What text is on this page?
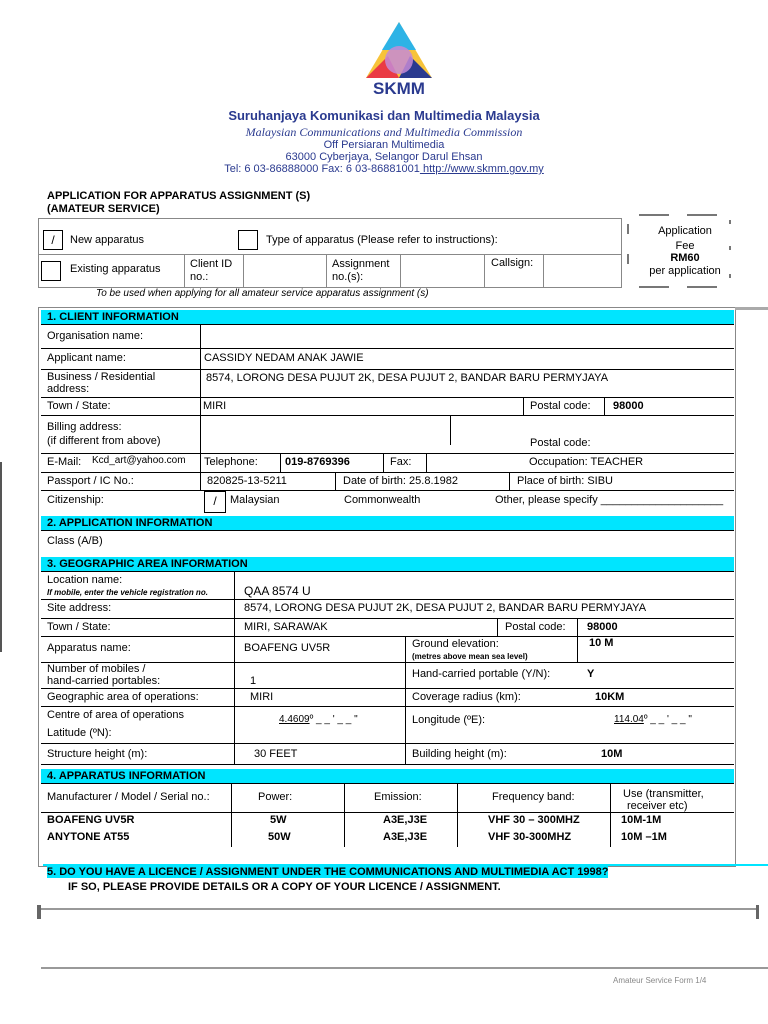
SKMM
Suruhanjaya Komunikasi dan Multimedia Malaysia
Malaysian Communications and Multimedia Commission
Off Persiaran Multimedia
63000 Cyberjaya, Selangor Darul Ehsan
Tel: 6 03-86888000 Fax: 6 03-86881001 http://www.skmm.gov.my
APPLICATION FOR APPARATUS ASSIGNMENT (S)
(AMATEUR SERVICE)
/	New apparatus	Type of apparatus (Please refer to instructions):
Existing apparatus	Client ID no.:
Assignment no.(s):
Callsign:
To be used when applying for all amateur service apparatus assignment (s)
Application
Fee
RM60
per application
1. CLIENT INFORMATION
Organisation name:
Applicant name:	CASSIDY NEDAM ANAK JAWIE
Business / Residential address:
8574, LORONG DESA PUJUT 2K, DESA PUJUT 2, BANDAR BARU PERMYJAYA
Town / State:	MIRI	Postal code: 98000
Billing address:
(if different from above)	Postal code:
E-Mail: Kcd_art@yahoo.com Telephone: 019-8769396	Fax:	Occupation: TEACHER
Passport / IC No.:	820825-13-5211	Date of birth: 25.8.1982	Place of birth: SIBU
Citizenship:	/	Malaysian	Commonwealth	Other, please specify ____________________
2. APPLICATION INFORMATION
Class (A/B)
3. GEOGRAPHIC AREA INFORMATION
Location name:
If mobile, enter the vehicle registration no.	QAA 8574 U
Site address:	8574, LORONG DESA PUJUT 2K, DESA PUJUT 2, BANDAR BARU PERMYJAYA
Town / State:	MIRI, SARAWAK	Postal code: 98000
Apparatus name:	BOAFENG UV5R	Ground elevation:
(metres above mean sea level)
10 M
Number of mobiles /
hand-carried portables:	1
Hand-carried portable (Y/N):	Y
Geographic area of operations:	MIRI	Coverage radius (km):	10KM
Centre of area of operations
Latitude (ºN):
4.4609º _ _ ' _ _ "	Longitude (ºE):	114.04º _ _ ' _ _ "
Structure height (m):	30 FEET	Building height (m):	10M
4. APPARATUS INFORMATION
Manufacturer / Model / Serial no.:	Power:	Emission:	Frequency band:	Use (transmitter,
receiver etc)
BOAFENG UV5R	5W	A3E,J3E	VHF 30 – 300MHZ	10M-1M
ANYTONE AT55	50W	A3E,J3E	VHF 30-300MHZ	10M –1M
5. DO YOU HAVE A LICENCE / ASSIGNMENT UNDER THE COMMUNICATIONS AND MULTIMEDIA ACT 1998?
IF SO, PLEASE PROVIDE DETAILS OR A COPY OF YOUR LICENCE / ASSIGNMENT.
Amateur Service Form 1/4
